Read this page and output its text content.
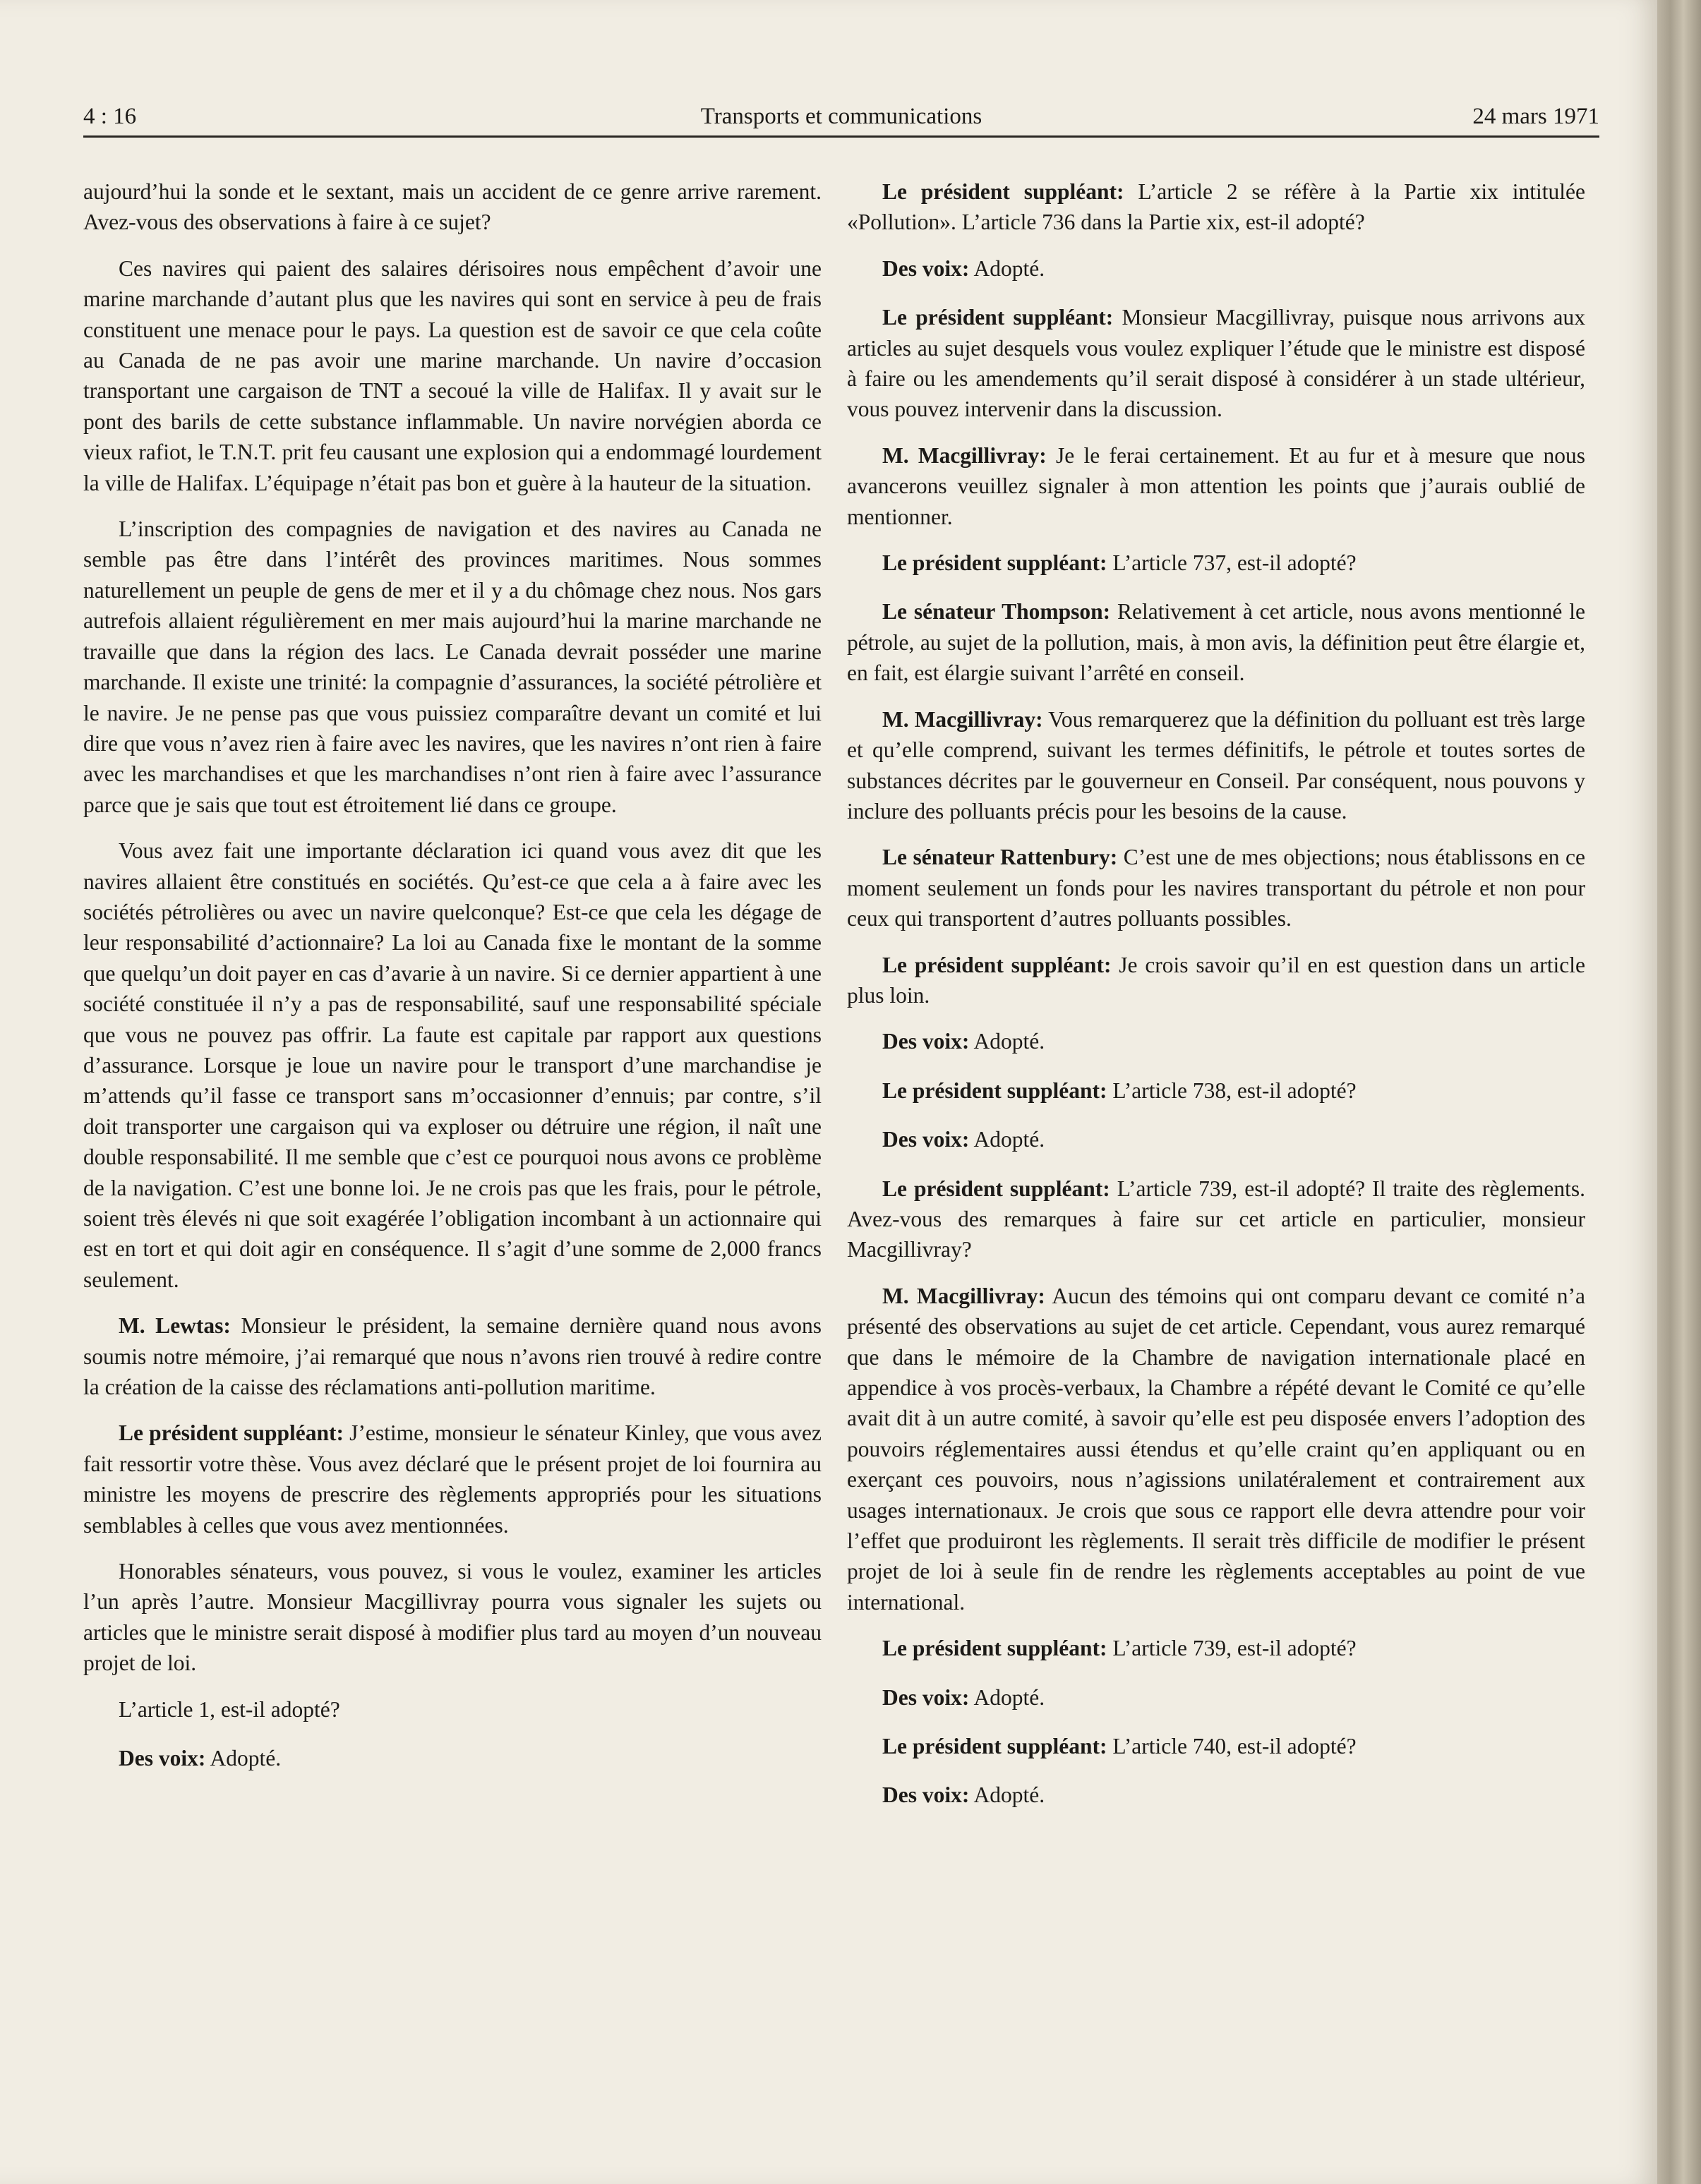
4 : 16	Transports et communications	24 mars 1971

aujourd’hui la sonde et le sextant, mais un accident de ce genre arrive rarement. Avez-vous des observations à faire à ce sujet?

Ces navires qui paient des salaires dérisoires nous empêchent d’avoir une marine marchande d’autant plus que les navires qui sont en service à peu de frais constituent une menace pour le pays. La question est de savoir ce que cela coûte au Canada de ne pas avoir une marine marchande. Un navire d’occasion transportant une cargaison de TNT a secoué la ville de Halifax. Il y avait sur le pont des barils de cette substance inflammable. Un navire norvégien aborda ce vieux rafiot, le T.N.T. prit feu causant une explosion qui a endommagé lourdement la ville de Halifax. L’équipage n’était pas bon et guère à la hauteur de la situation.

L’inscription des compagnies de navigation et des navires au Canada ne semble pas être dans l’intérêt des provinces maritimes. Nous sommes naturellement un peuple de gens de mer et il y a du chômage chez nous. Nos gars autrefois allaient régulièrement en mer mais aujourd’hui la marine marchande ne travaille que dans la région des lacs. Le Canada devrait posséder une marine marchande. Il existe une trinité: la compagnie d’assurances, la société pétrolière et le navire. Je ne pense pas que vous puissiez comparaître devant un comité et lui dire que vous n’avez rien à faire avec les navires, que les navires n’ont rien à faire avec les marchandises et que les marchandises n’ont rien à faire avec l’assurance parce que je sais que tout est étroitement lié dans ce groupe.

Vous avez fait une importante déclaration ici quand vous avez dit que les navires allaient être constitués en sociétés. Qu’est-ce que cela a à faire avec les sociétés pétrolières ou avec un navire quelconque? Est-ce que cela les dégage de leur responsabilité d’actionnaire? La loi au Canada fixe le montant de la somme que quelqu’un doit payer en cas d’avarie à un navire. Si ce dernier appartient à une société constituée il n’y a pas de responsabilité, sauf une responsabilité spéciale que vous ne pouvez pas offrir. La faute est capitale par rapport aux questions d’assurance. Lorsque je loue un navire pour le transport d’une marchandise je m’attends qu’il fasse ce transport sans m’occasionner d’ennuis; par contre, s’il doit transporter une cargaison qui va exploser ou détruire une région, il naît une double responsabilité. Il me semble que c’est ce pourquoi nous avons ce problème de la navigation. C’est une bonne loi. Je ne crois pas que les frais, pour le pétrole, soient très élevés ni que soit exagérée l’obligation incombant à un actionnaire qui est en tort et qui doit agir en conséquence. Il s’agit d’une somme de 2,000 francs seulement.

M. Lewtas: Monsieur le président, la semaine dernière quand nous avons soumis notre mémoire, j’ai remarqué que nous n’avons rien trouvé à redire contre la création de la caisse des réclamations anti-pollution maritime.

Le président suppléant: J’estime, monsieur le sénateur Kinley, que vous avez fait ressortir votre thèse. Vous avez déclaré que le présent projet de loi fournira au ministre les moyens de prescrire des règlements appropriés pour les situations semblables à celles que vous avez mentionnées.

Honorables sénateurs, vous pouvez, si vous le voulez, examiner les articles l’un après l’autre. Monsieur Macgillivray pourra vous signaler les sujets ou articles que le ministre serait disposé à modifier plus tard au moyen d’un nouveau projet de loi.

L’article 1, est-il adopté?

Des voix: Adopté.

Le président suppléant: L’article 2 se réfère à la Partie xix intitulée «Pollution». L’article 736 dans la Partie xix, est-il adopté?

Des voix: Adopté.

Le président suppléant: Monsieur Macgillivray, puisque nous arrivons aux articles au sujet desquels vous voulez expliquer l’étude que le ministre est disposé à faire ou les amendements qu’il serait disposé à considérer à un stade ultérieur, vous pouvez intervenir dans la discussion.

M. Macgillivray: Je le ferai certainement. Et au fur et à mesure que nous avancerons veuillez signaler à mon attention les points que j’aurais oublié de mentionner.

Le président suppléant: L’article 737, est-il adopté?

Le sénateur Thompson: Relativement à cet article, nous avons mentionné le pétrole, au sujet de la pollution, mais, à mon avis, la définition peut être élargie et, en fait, est élargie suivant l’arrêté en conseil.

M. Macgillivray: Vous remarquerez que la définition du polluant est très large et qu’elle comprend, suivant les termes définitifs, le pétrole et toutes sortes de substances décrites par le gouverneur en Conseil. Par conséquent, nous pouvons y inclure des polluants précis pour les besoins de la cause.

Le sénateur Rattenbury: C’est une de mes objections; nous établissons en ce moment seulement un fonds pour les navires transportant du pétrole et non pour ceux qui transportent d’autres polluants possibles.

Le président suppléant: Je crois savoir qu’il en est question dans un article plus loin.

Des voix: Adopté.

Le président suppléant: L’article 738, est-il adopté?

Des voix: Adopté.

Le président suppléant: L’article 739, est-il adopté? Il traite des règlements. Avez-vous des remarques à faire sur cet article en particulier, monsieur Macgillivray?

M. Macgillivray: Aucun des témoins qui ont comparu devant ce comité n’a présenté des observations au sujet de cet article. Cependant, vous aurez remarqué que dans le mémoire de la Chambre de navigation internationale placé en appendice à vos procès-verbaux, la Chambre a répété devant le Comité ce qu’elle avait dit à un autre comité, à savoir qu’elle est peu disposée envers l’adoption des pouvoirs réglementaires aussi étendus et qu’elle craint qu’en appliquant ou en exerçant ces pouvoirs, nous n’agissions unilatéralement et contrairement aux usages internationaux. Je crois que sous ce rapport elle devra attendre pour voir l’effet que produiront les règlements. Il serait très difficile de modifier le présent projet de loi à seule fin de rendre les règlements acceptables au point de vue international.

Le président suppléant: L’article 739, est-il adopté?

Des voix: Adopté.

Le président suppléant: L’article 740, est-il adopté?

Des voix: Adopté.
